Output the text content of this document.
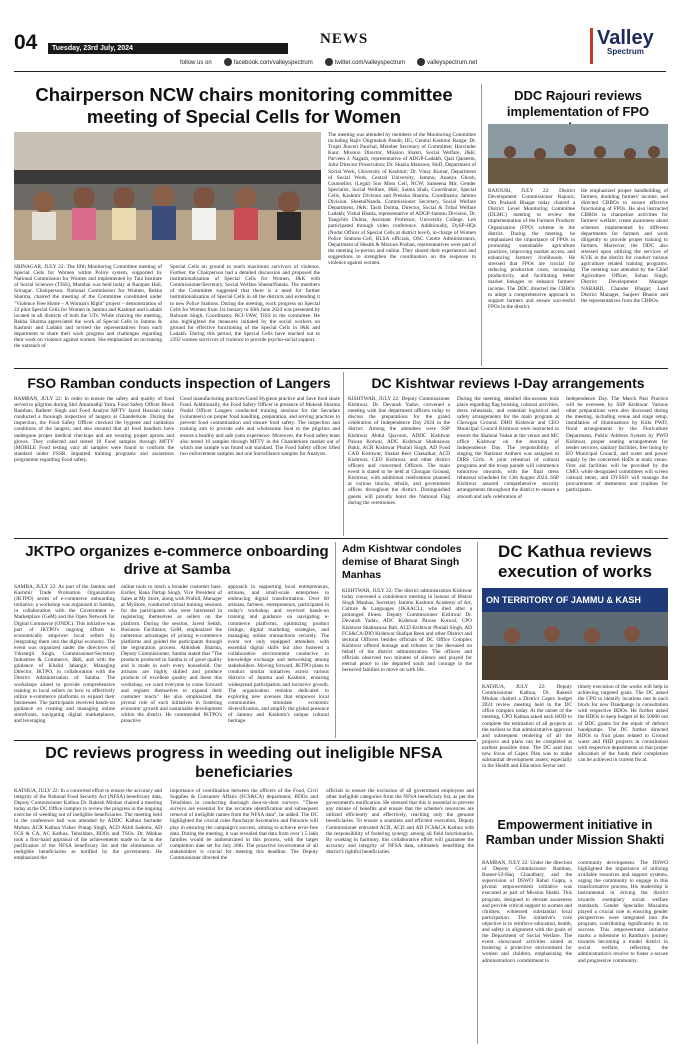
04	Tuesday, 23rd July, 2024
NEWS	Valley
Spectrum
follow us on	facebook.com/valleyspectrum	twitter.com/valleyspectrum	valleyspectrum.net
Chairperson NCW chairs monitoring committee meeting of Special Cells for Women
SRINAGAR, JULY 22: The fifth Monitoring Committee meeting of Special Cells for Women within Police system, supported by National Commission for Women and implemented by Tata Institute of Social Sciences (TISS), Mumbai was held today at Banquet Hall, Srinagar. Chairperson, National Commission for Women, Rekha Sharma, chaired the meeting of the Committee constituted under "Violence Free Home – A Woman's Right" project – demonstration of 22 pilot Special Cells for Women in Jammu and Kashmir and Ladakh located in all districts of both the UTs. While chairing the meeting, Rekha Sharma appreciated the work of Special Cells in Jammu & Kashmir and Ladakh and invited the representatives from each department to share their work progress and challenges regarding their work on violence against women. She emphasized on increasing the outreach of
Special Cells on ground to reach maximum survivors of violence. Further, the Chairperson had a detailed discussion and proposed the institutionalisation of Special Cells for Women, J&K with Commissioner/Secretary, Social Welfare SheetalNanda. The members of the Committee suggested that there is a need for further institutionalisation of Special Cells in all the districts and extending it to new Police Stations. During the meeting, work progress on Special Cells for Women from 1st January to 30th June 2024 was presented by Balwant Singh, Coordinator, RCI-VAW, TISS to the committee. He also highlighted the measures initiated by the social workers on ground for effective functioning of the Special Cells in J&K and Ladakh. During this period, the Special Cells have reached out to 2392 women survivors of violence to provide psycho-social support.
The meeting was attended by members of the Monitoring Committee including Rajiv Ongmakoh Pandit, IIG, Central Kashmir Range; Dr. Trupti Jhaveri Panchal, Member Secretary of Committee; Harvinder Kaur, Mission Director, Mission Shakti, Social Welfare, J&K; Parveen J. Nagash, representative of ADGP-Ladakh; Qazi Qaiseem, Joint Director Prosecution; Dr. Shazia Manzoor, HoD, Department of Social Work, University of Kashmir; Dr. Vinay Kumar, Department of Social Work, Central University, Jammu; Ananya Ghosh, Counsellor, (Legal) Suo Moto Cell, NCW; Sameena Mir, Gender Specialist, Social Welfare, J&K; Saima Shah, Coordinator, Special Cells, Kashmir Division and Preksha Sharma, Coordinator, Jammu Division. SheetalNanda, Commissioner Secretary, Social Welfare Department, J&K; Tashi Dolma, Director, Social & Tribal Welfare Ladakh; Vishal Bhatia, representative of ADGP-Jammu Division, Dr. Yangchin Dolma, Assistant Professor, University College, Leh participated through video conference. Additionally, DySP-HQs (Nodal Officer of Special Cells at district level), in-charge of Women Police Stations-Cell, BLSA officials, OSC Centre Administrators, Department of Health & Mission Poshan, representatives were part of the meeting in-person and online. They shared their experiences and suggestions to strengthen the coordination on the response to violence against women.
DDC Rajouri reviews implementation of FPO
RAJOURI, JULY 22: District Development Commissioner Rajouri, Om Prakash Bhagat today chaired a District Level Monitoring Committee (DLMC) meeting to review the implementation of the Farmers Producer Organisation (FPO) scheme in the district. During the meeting, he emphasized the importance of FPOs in promoting sustainable agriculture practices, improving market access, and enhancing farmers' livelihoods. He stressed that FPOs are crucial for reducing production costs, increasing productivity, and facilitating better market linkages to enhance farmers' income. The DDC directed the CBBOs to adopt a comprehensive approach to support farmers and ensure successful FPOs in the district.
He emphasized proper handholding of farmers, doubling farmers' income, and directed CBBOs to ensure effective functioning of FPOs. He also instructed CBBOs to channelize activities for farmers' welfare, create awareness about schemes implemented by different departments for farmers and work diligently to provide proper training to farmers. Moreover, the DDC also stressed upon utilizing the services of KVK in the district for conduct various agriculture related training programs. The meeting was attended by the Chief Agriculture Officer, Sohan Singh; District Development Manager NABARD, Chander Bhagat; Lead District Manager, Sanjeev Bhasin and the representatives from the CBBOs.
FSO Ramban conducts inspection of Langers
RAMBAN, JULY 22: In order to ensure the safety and quality of food served to pilgrims during Shri Amarnathji Yatra, Food Safety Officer Block Ramban, Balbeer Singh and Food Analyst MFTV Jayed Hussain today conducted a thorough inspection of langers at Chanderkote. During the inspection, the Food Safety Officer checked the hygiene and sanitation conditions of the langers, and also ensured that all food handlers have undergone proper medical checkups and are wearing proper aprons and gloves. They collected and tested 10 Food samples through MFTV (MOBILE Food testing van) all samples were found to conform the standard under FSSR. Imparted training programs and awareness programme regarding Food safety,
Good manufacturing practices/Good Hygiene practice and Save food share Food. Additionally, the Food Safety Officer in presence of Mukesh Sharma Nodal Officer Langers conducted training sessions for the Sevadars (volunteers) on proper food handling, preparation, and serving practices to prevent food contamination and ensure food safety. The inspection and training aim to provide safe and wholesome food to the pilgrims and ensure a healthy and safe yatra experience. Moreover, the Food safety team also tested 10 samples through MFTV in the Chanderkote market out of which one sample was found sub standard. The Food Safety officer lifted two enforcement samples and one Surveillance samples for Analysis.
DC Kishtwar reviews I-Day arrangements
KISHTWAR, JULY 22: Deputy Commissioner Kishtwar, Dr. Devansh Yadav, convened a meeting with line department officers today to discuss the preparations for the grand celebration of Independence Day 2024 in the district. Among the attendees were SSP Kishtwar Abdul Qayoom, ADDC Kishtwar Pawan Kotwal, ADC Kishtwar Shahnawaz Bukh, ACR Kishtwar Phulail Singh, AD Food CAD Kishtwar, Shakat Reer Chakalkar, ACD Kishtwar, CEO Kishtwar, and other district officers and concerned Officers. The main event is slated to be held at Chougan Ground, Kishtwar, with additional celebrations planned at various blocks, tehsils, and government offices throughout the district. Distinguished guests will proudly hoist the National Flag during the ceremonies.
During the meeting, detailed discussions took place regarding flag hoisting, cultural activities, dress rehearsals, and essential logistical and safety arrangements for the main program at Chowgan Ground. DHO Kishtwar and CEO Municipal Council Kishtwar were instructed to ensure the Shahnai Vadan at the venue and MC office Kishtwar on the morning of Independence Day. The responsibility of singing the National Anthem was assigned to DIRS Girls. A joint rehearsal of cultural programs and the troop parade will commence tomorrow onwards, with the final dress rehearsal scheduled for 13th August 2024. SSP Kishtwar assured comprehensive security arrangements throughout the district to ensure a smooth and safe celebration of
Independence Day. The March Past Practice will be overseen by SSP Kishtwar. Various other preparations were also discussed during the meeting, including venue and stage setup, installation of illuminations by Kido PWD, floral arrangements by the Floriculture Department, Public Address System by PWD Kishtwar, proper seating arrangements for tender services, sanitary facilities, free lining by EO Municipal Council, and water and power supply by the concerned HoDs at main venue. First aid facilities will be provided by the CMO, while designated committees will screen cultural items, and DYSSO will manage the procurement of mementos and trophies for participants.
JKTPO organizes e-commerce onboarding drive at Samba
SAMBA, JULY 22: As part of the Jammu and Kashmir Trade Promotion Organization (JKTPO) series of e-commerce onboarding initiative, a workshop was organized in Samba, in collaboration with the Government e-Marketplace (GeM) and the Open Network for Digital Commerce (ONDC). This initiative was part of JKTPO's ongoing efforts to economically empower local sellers by integrating them into the digital economy. The event was organized under the directives of Vikramjit Singh, Commissioner/Secretary Industries & Commerce, J&K, and with the guidance of Khalid Jahangir, Managing Director, JKTPO, in collaboration with the District Administration of Samba. The workshops aimed to provide comprehensive training to local sellers on how to effectively utilize e-commerce platforms to expand their businesses. The participants received hands-on guidance on creating and managing online storefronts, navigating digital marketplaces, and leveraging
online tools to reach a broader customer base. Earlier, Rana Partap Singh, Vice President of Sales at My Store, along with Prafull, Manager at MyStore, conducted virtual training sessions for the participants who were interested in registering themselves as sellers on the platform. During the session, Javed Sekkh, Business Facilitator, GeM, emphasized the numerous advantages of joining e-commerce platforms and guided the participants through the registration process. Abhishek Sharma, Deputy Commissioner, Samba stated that "The products produced in Samba is of good quality and is made in each every household. Our artisans are highly skilled and produce products of excellent quality and these this workshop, we want everyone to come forward and register themselves to expand their customer reach." He also emphasized the pivotal role of such initiatives in fostering economic growth and sustainable development within the district. He commended JKTPO's proactive
approach in supporting local entrepreneurs, artisans, and small-scale enterprises in embracing digital transformation. Over 60 artisans, farmers, entrepreneurs, participated in today's workshop and received hands-on training and guidance on navigating e-commerce platforms, optimizing product listings, digital marketing strategies, and managing online transactions securely. The event not only equipped attendees with essential digital skills but also fostered a collaborative environment conducive to knowledge exchange and networking among stakeholders. Moving forward, JKTPO plans to conduct similar initiatives across various districts of Jammu and Kashmir, ensuring widespread participation and inclusive growth. The organization remains dedicated to exploring new avenues that empower local communities, stimulate economic diversification, and amplify the global presence of Jammu and Kashmir's unique cultural heritage.
Adm Kishtwar condoles demise of Bharat Singh Manhas
KISHTWAR, JULY 22: The district administration Kishtwar today convened a condolence meeting in honour of Bharat Singh Manhas, Secretary Jammu Kashmir Academy of Art, Culture & Languages (JKAACL), who died after a prolonged illness. Deputy Commissioner Kishtwar Dr. Devansh Yadav, ADC Kishtwar Pawan Kotwal, CPO Kishtwar Shahnawaz Bali, ACD Kishtwar Phulail Singh, AD FCS&CA/DIO Kishtwar Shafqat Reen and other District and sectoral Officers besides officials of DC Office Complex Kishtwar offered homage and tributes to the deceased on behalf of the district administration. The officers and officials observed two minutes of silence and prayed for eternal peace to the departed souls and courage to the bereaved families to move on with life.
DC Kathua reviews execution of works
ON TERRITORY OF JAMMU & KASH
KATHUA, JULY 22: Deputy Commissioner Kathua, Dr. Rakesh Minhas chaired a District Capex budget 2024 review meeting held in the DC office complex today. At the outset of the meeting, CPO Kathua asked each HOD to complete the estimation of all projects at the earliest so that administrative approval and subsequent tendering of all the projects and plans can be completed at earliest possible time. The DC said that new focus of Capex Plan was to make substantial development assets, especially in the Health and Education Sector and
timely execution of the works will help in achieving targeted goals. The DC asked the CPO to identify locations one in each block for new Dandpangs in consultation with respective BDOs. He further asked the BDOs to keep budget of Rs 50000 out of BDC grants for the repair of defunct handpumps. The DC further directed BDOs to fruit plans related to Ground water and PHD projects in consultation with respective departments so that proper allocation of the funds their completion can be achieved in current fiscal.
DC reviews progress in weeding out ineligible NFSA beneficiaries
KATHUA, JULY 22: In a concerted effort to ensure the accuracy and integrity of the National Food Security Act (NFSA) beneficiary data, Deputy Commissioner Kathua Dr. Rakesh Minhas chaired a meeting today at the DC Office complex to review the progress in the ongoing exercise of weeding out of ineligible beneficiaries. The meeting held in the conference hall was attended by ADDC Kathua Surinder Mohan, ACR Kathua Vishav Pratap Singh, ACD Akhil Sadotra, AD FCS & CA, AC Kathua, Tehsildars, BDOs and TSOs. Dr. Minhas took a first-hand appraisal of the achievements made so far in the purification of the NFSA beneficiary list and the elimination of ineligible beneficiaries as notified by the government. He emphasized the
importance of coordination between the officers of the Food, Civil Supplies & Consumer Affairs (FCS&CA) department, BDOs and Tehsildars in conducting thorough door-to-door surveys. "These surveys are essential for the accurate identification and subsequent removal of ineligible names from the NFSA data", he added. The DC highlighted the crucial roles Panchayat Secretaries and Patwaris will play in ensuring the campaign's success, aiming to achieve error-free data. During the meeting, it was revealed that data from over 1.5 lakh families would be authenticated in this process, with the target completion date set for July 28th. The proactive involvement of all stakeholders is crucial for meeting this deadline. The Deputy Commissioner directed the
officials to ensure the exclusion of all government employees and other ineligible categories from the NFSA beneficiary list, as per the government's notification. He stressed that this is essential to prevent any misuse of benefits and ensure that the scheme's resources are utilized efficiently and effectively, reaching only the genuine beneficiaries. To ensure a seamless and efficient execution, Deputy Commissioner entrusted ACR, ACD and AD FCS&CA Kathua with the responsibility of fostering synergy among all field functionaries. By working in harmony, this collaborative effort will guarantee the accuracy and integrity of NFSA data, ultimately benefiting the district's rightful beneficiaries.
Empowerment initiative in Ramban under Mission Shakti
RAMBAN, JULY 22: Under the direction of Deputy Commissioner Ramban, Baseer-Ul-Haq Chaudhary, and the supervision of DSWO Rahul Gupta, a pivotal empowerment initiative was executed as part of Mission Shakti. This program, designed to elevate awareness and provide critical support to women and children, witnessed substantial local participation. The initiative's core objective is to reinforce education, health, and safety in alignment with the goals of the Department of Social Welfare. The event showcased activities aimed at fostering a protective environment for women and children, emphasizing the administration's commitment to
community development. The DSWO highlighted the importance of utilizing available resources and support systems, urging the community to engage in this transformative process. His leadership is instrumental in driving the district towards exemplary social welfare standards. Gender Specialist Muzaima played a crucial role in ensuring gender perspectives were integrated into the program, contributing significantly to its success. This empowerment initiative marks a milestone in Ramban's journey towards becoming a model district in social welfare, reflecting the administration's resolve to foster a secure and progressive community.
